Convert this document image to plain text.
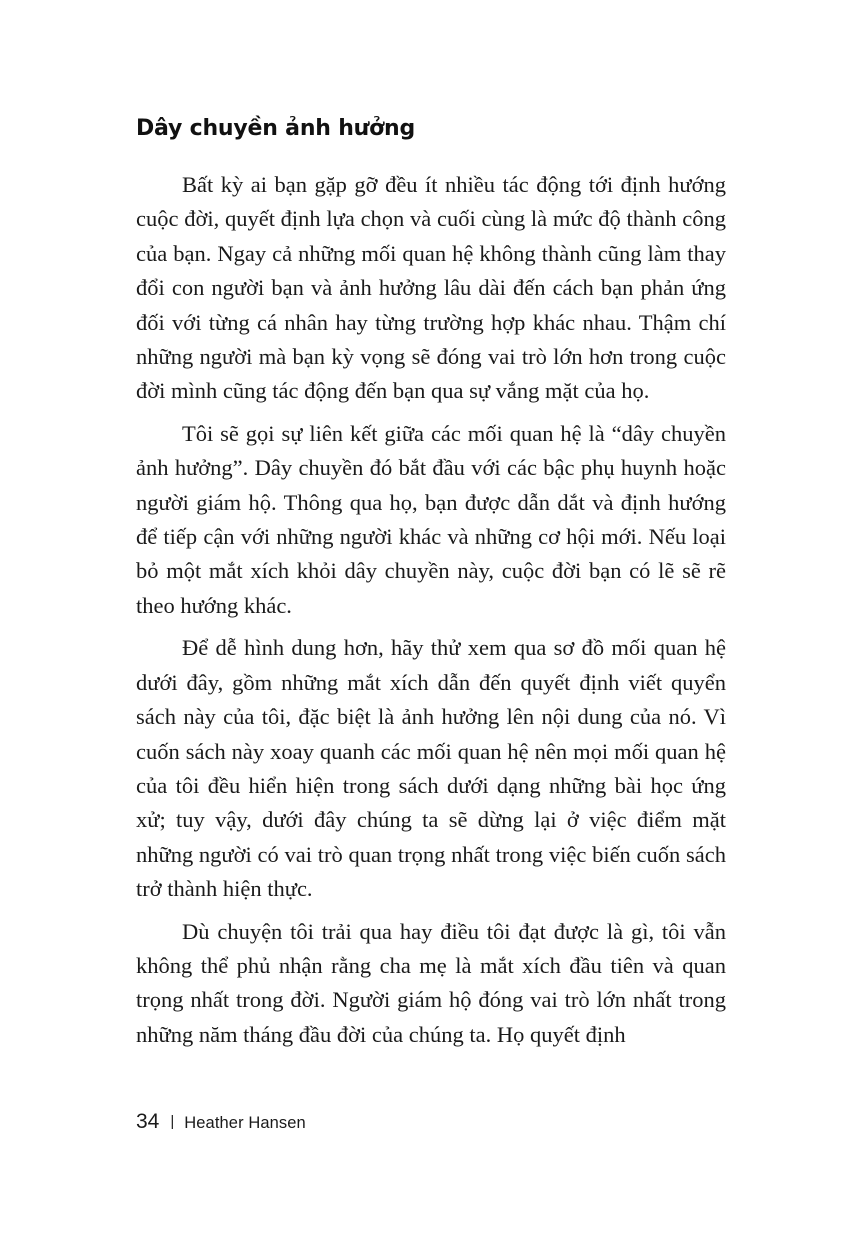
Dây chuyền ảnh hưởng

Bất kỳ ai bạn gặp gỡ đều ít nhiều tác động tới định hướng cuộc đời, quyết định lựa chọn và cuối cùng là mức độ thành công của bạn. Ngay cả những mối quan hệ không thành cũng làm thay đổi con người bạn và ảnh hưởng lâu dài đến cách bạn phản ứng đối với từng cá nhân hay từng trường hợp khác nhau. Thậm chí những người mà bạn kỳ vọng sẽ đóng vai trò lớn hơn trong cuộc đời mình cũng tác động đến bạn qua sự vắng mặt của họ.

Tôi sẽ gọi sự liên kết giữa các mối quan hệ là “dây chuyền ảnh hưởng”. Dây chuyền đó bắt đầu với các bậc phụ huynh hoặc người giám hộ. Thông qua họ, bạn được dẫn dắt và định hướng để tiếp cận với những người khác và những cơ hội mới. Nếu loại bỏ một mắt xích khỏi dây chuyền này, cuộc đời bạn có lẽ sẽ rẽ theo hướng khác.

Để dễ hình dung hơn, hãy thử xem qua sơ đồ mối quan hệ dưới đây, gồm những mắt xích dẫn đến quyết định viết quyển sách này của tôi, đặc biệt là ảnh hưởng lên nội dung của nó. Vì cuốn sách này xoay quanh các mối quan hệ nên mọi mối quan hệ của tôi đều hiển hiện trong sách dưới dạng những bài học ứng xử; tuy vậy, dưới đây chúng ta sẽ dừng lại ở việc điểm mặt những người có vai trò quan trọng nhất trong việc biến cuốn sách trở thành hiện thực.

Dù chuyện tôi trải qua hay điều tôi đạt được là gì, tôi vẫn không thể phủ nhận rằng cha mẹ là mắt xích đầu tiên và quan trọng nhất trong đời. Người giám hộ đóng vai trò lớn nhất trong những năm tháng đầu đời của chúng ta. Họ quyết định

34 | Heather Hansen
